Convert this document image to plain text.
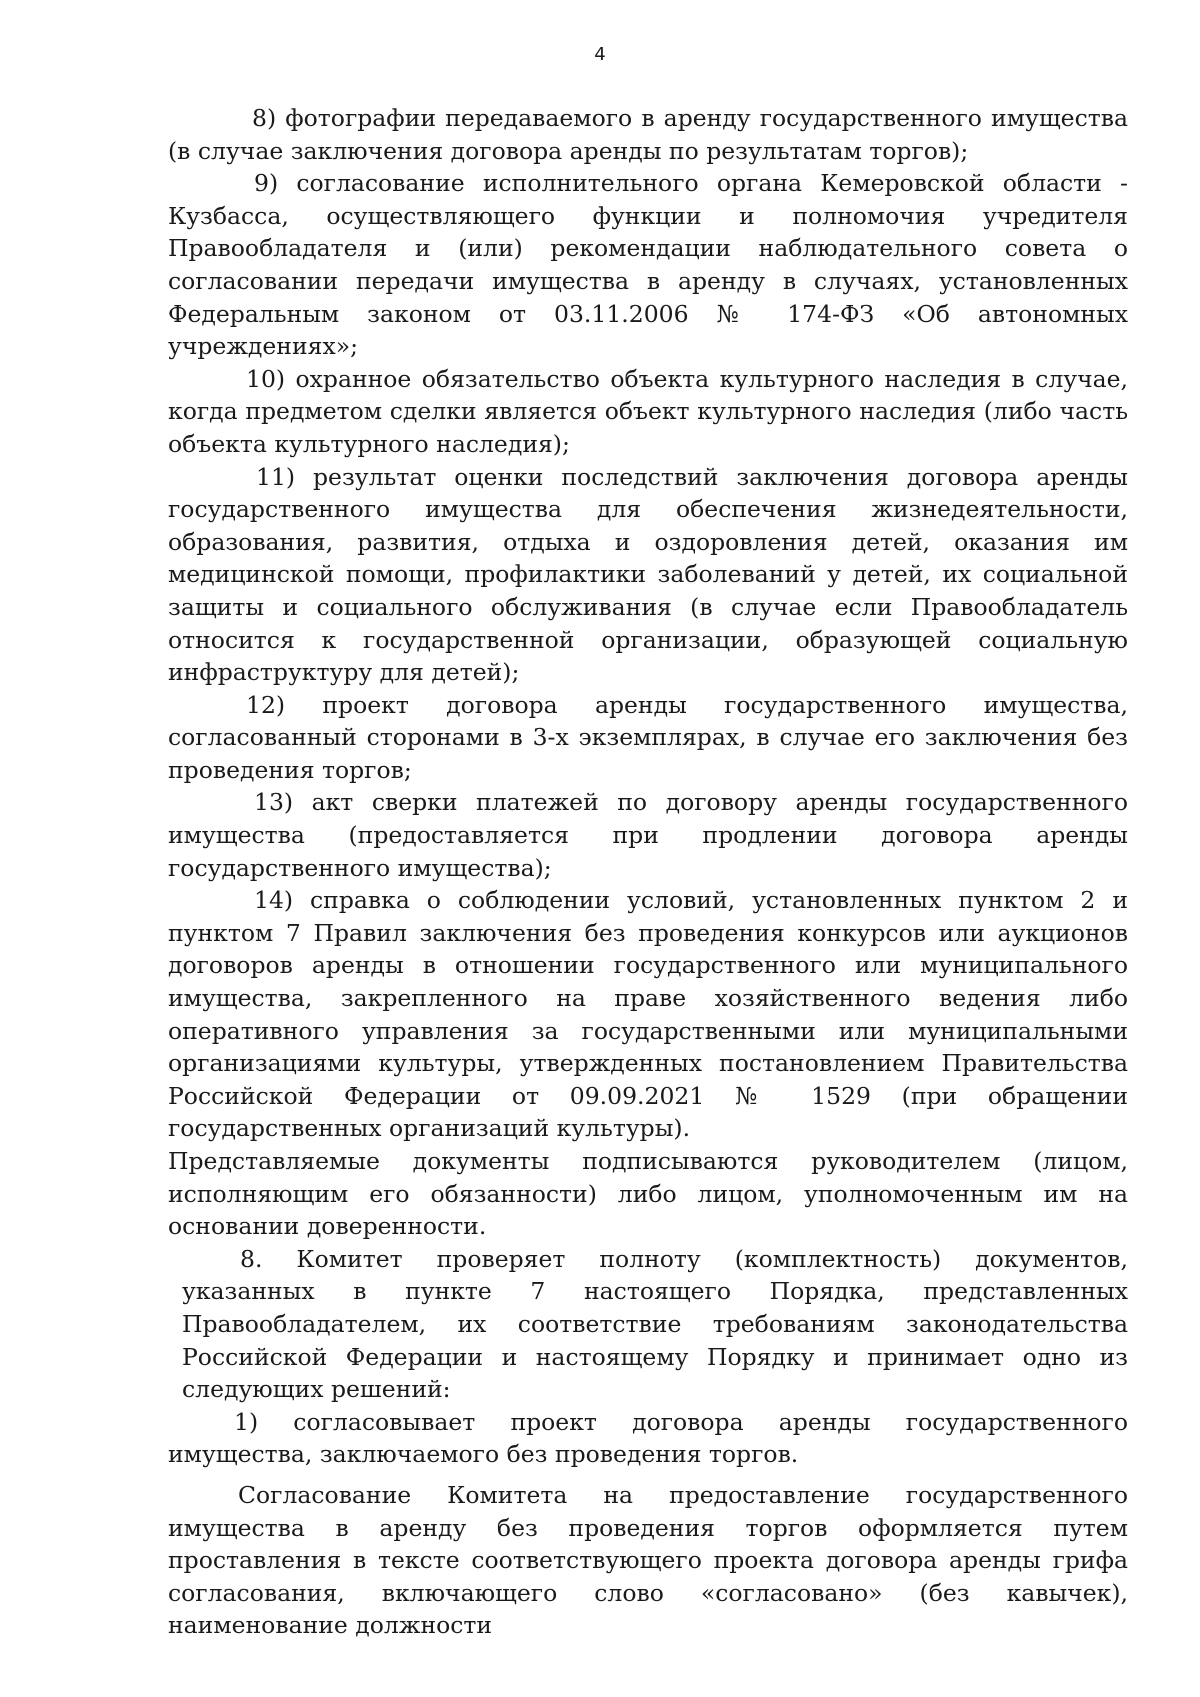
4

8) фотографии передаваемого в аренду государственного имущества (в случае заключения договора аренды по результатам торгов);

9) согласование исполнительного органа Кемеровской области - Кузбасса, осуществляющего функции и полномочия учредителя Правообладателя и (или) рекомендации наблюдательного совета о согласовании передачи имущества в аренду в случаях, установленных Федеральным законом от 03.11.2006 № 174-ФЗ «Об автономных учреждениях»;

10) охранное обязательство объекта культурного наследия в случае, когда предметом сделки является объект культурного наследия (либо часть объекта культурного наследия);

11) результат оценки последствий заключения договора аренды государственного имущества для обеспечения жизнедеятельности, образования, развития, отдыха и оздоровления детей, оказания им медицинской помощи, профилактики заболеваний у детей, их социальной защиты и социального обслуживания (в случае если Правообладатель относится к государственной организации, образующей социальную инфраструктуру для детей);

12) проект договора аренды государственного имущества, согласованный сторонами в 3-х экземплярах, в случае его заключения без проведения торгов;

13) акт сверки платежей по договору аренды государственного имущества (предоставляется при продлении договора аренды государственного имущества);

14) справка о соблюдении условий, установленных пунктом 2 и пунктом 7 Правил заключения без проведения конкурсов или аукционов договоров аренды в отношении государственного или муниципального имущества, закрепленного на праве хозяйственного ведения либо оперативного управления за государственными или муниципальными организациями культуры, утвержденных постановлением Правительства Российской Федерации от 09.09.2021 № 1529 (при обращении государственных организаций культуры).

Представляемые документы подписываются руководителем (лицом, исполняющим его обязанности) либо лицом, уполномоченным им на основании доверенности.

8. Комитет проверяет полноту (комплектность) документов, указанных в пункте 7 настоящего Порядка, представленных Правообладателем, их соответствие требованиям законодательства Российской Федерации и настоящему Порядку и принимает одно из следующих решений:

1) согласовывает проект договора аренды государственного имущества, заключаемого без проведения торгов.

Согласование Комитета на предоставление государственного имущества в аренду без проведения торгов оформляется путем проставления в тексте соответствующего проекта договора аренды грифа согласования, включающего слово «согласовано» (без кавычек), наименование должности
